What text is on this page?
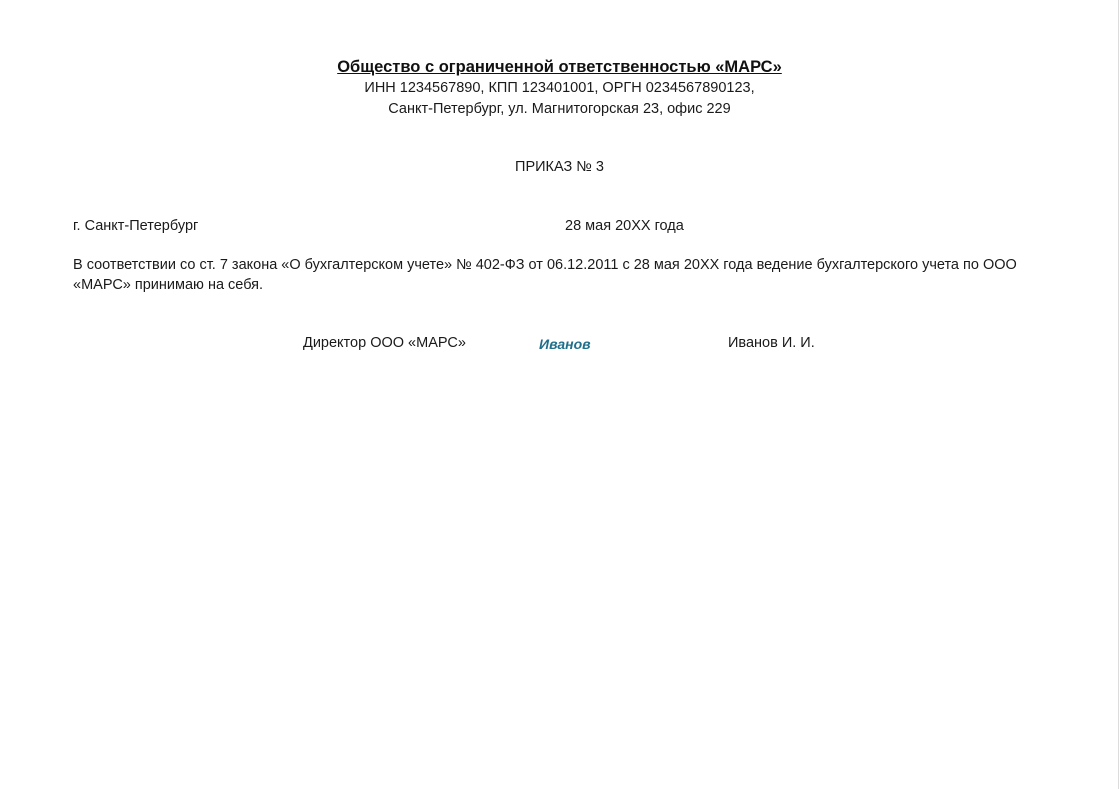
Общество с ограниченной ответственностью «МАРС»
ИНН 1234567890, КПП 123401001, ОРГН 0234567890123,
Санкт-Петербург, ул. Магнитогорская 23, офис 229
ПРИКАЗ № 3
г. Санкт-Петербург	28 мая 20ХХ года
В соответствии со ст. 7 закона «О бухгалтерском учете» № 402-ФЗ от 06.12.2011 с 28 мая 20ХХ года ведение бухгалтерского учета по ООО
«МАРС» принимаю на себя.
Директор ООО «МАРС»	Иванов	Иванов И. И.
